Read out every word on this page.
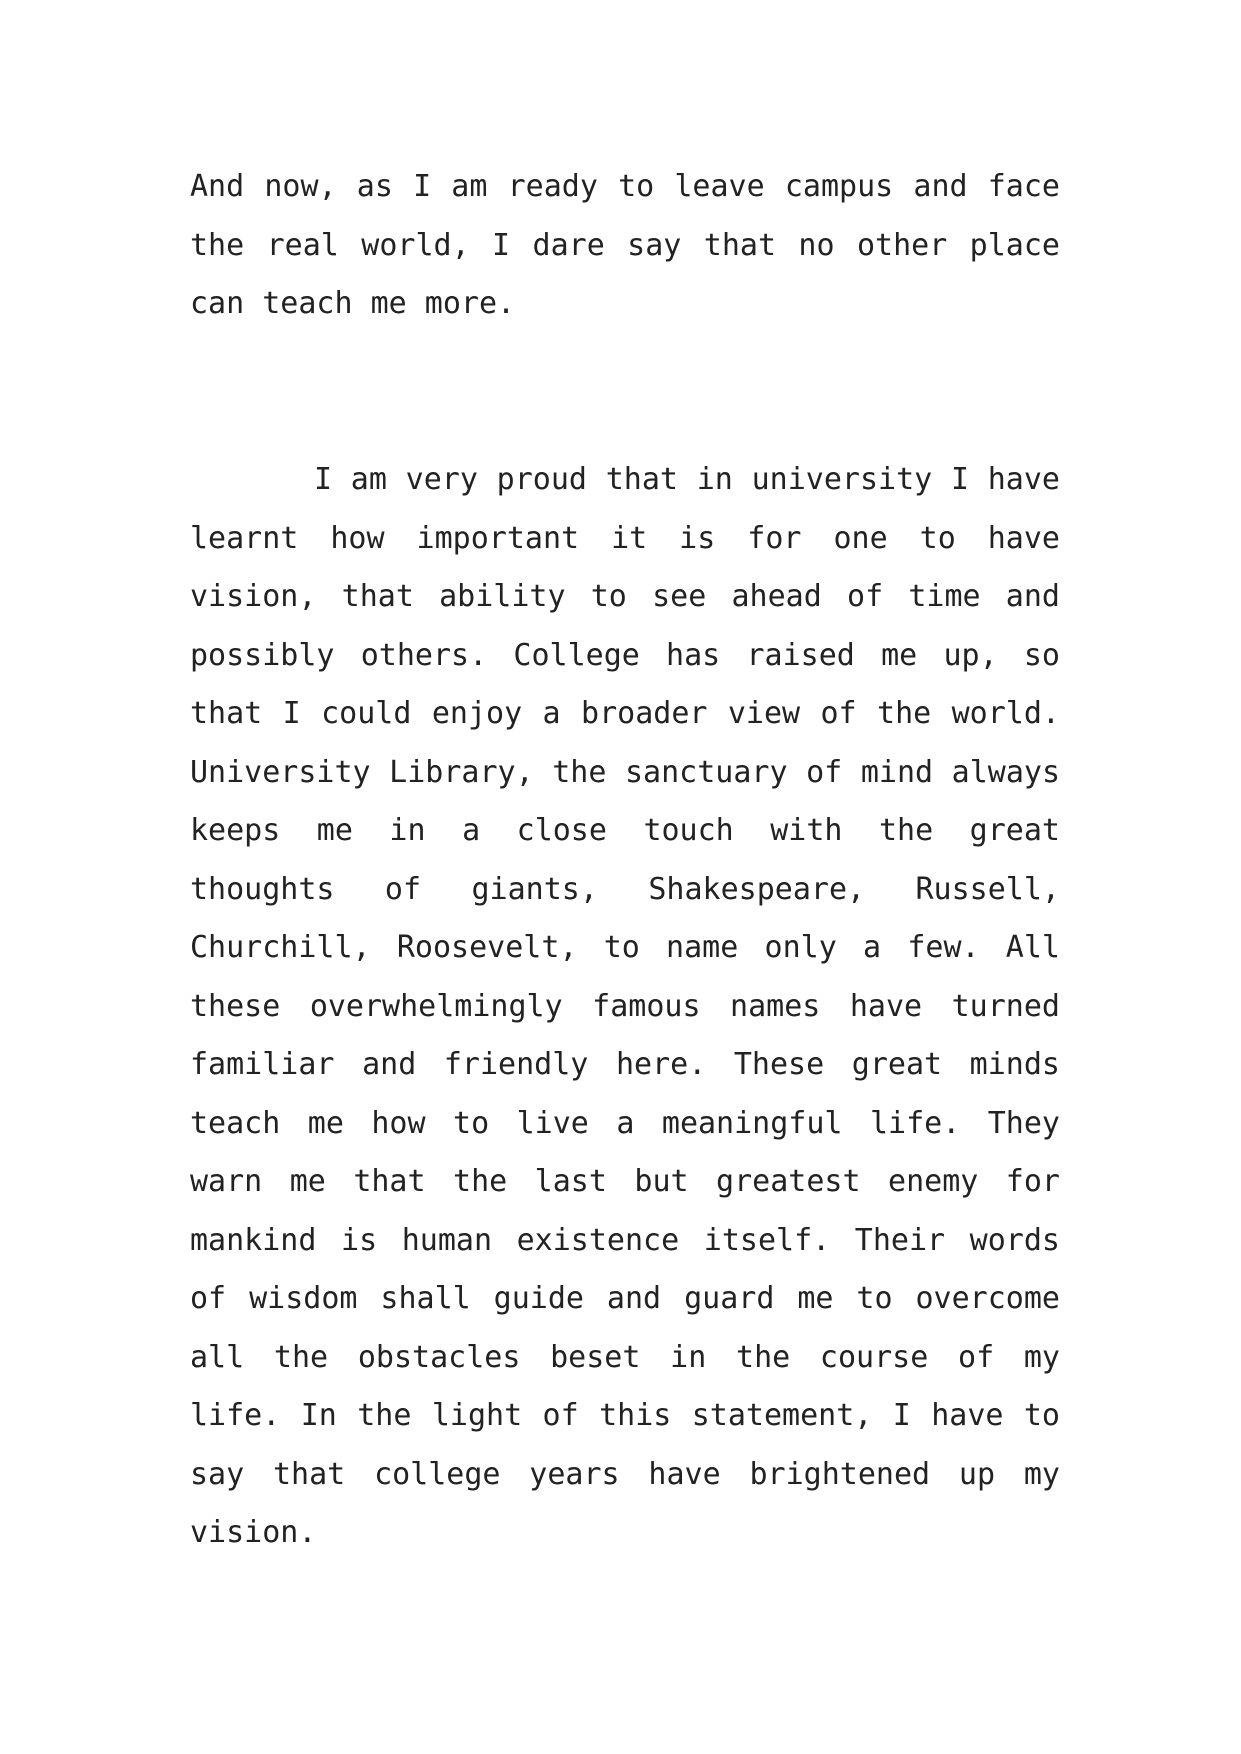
And now, as I am ready to leave campus and face the real world, I dare say that no other place can teach me more.

I am very proud that in university I have learnt how important it is for one to have vision, that ability to see ahead of time and possibly others. College has raised me up, so that I could enjoy a broader view of the world. University Library, the sanctuary of mind always keeps me in a close touch with the great thoughts of giants, Shakespeare, Russell, Churchill, Roosevelt, to name only a few. All these overwhelmingly famous names have turned familiar and friendly here. These great minds teach me how to live a meaningful life. They warn me that the last but greatest enemy for mankind is human existence itself. Their words of wisdom shall guide and guard me to overcome all the obstacles beset in the course of my life. In the light of this statement, I have to say that college years have brightened up my vision.
